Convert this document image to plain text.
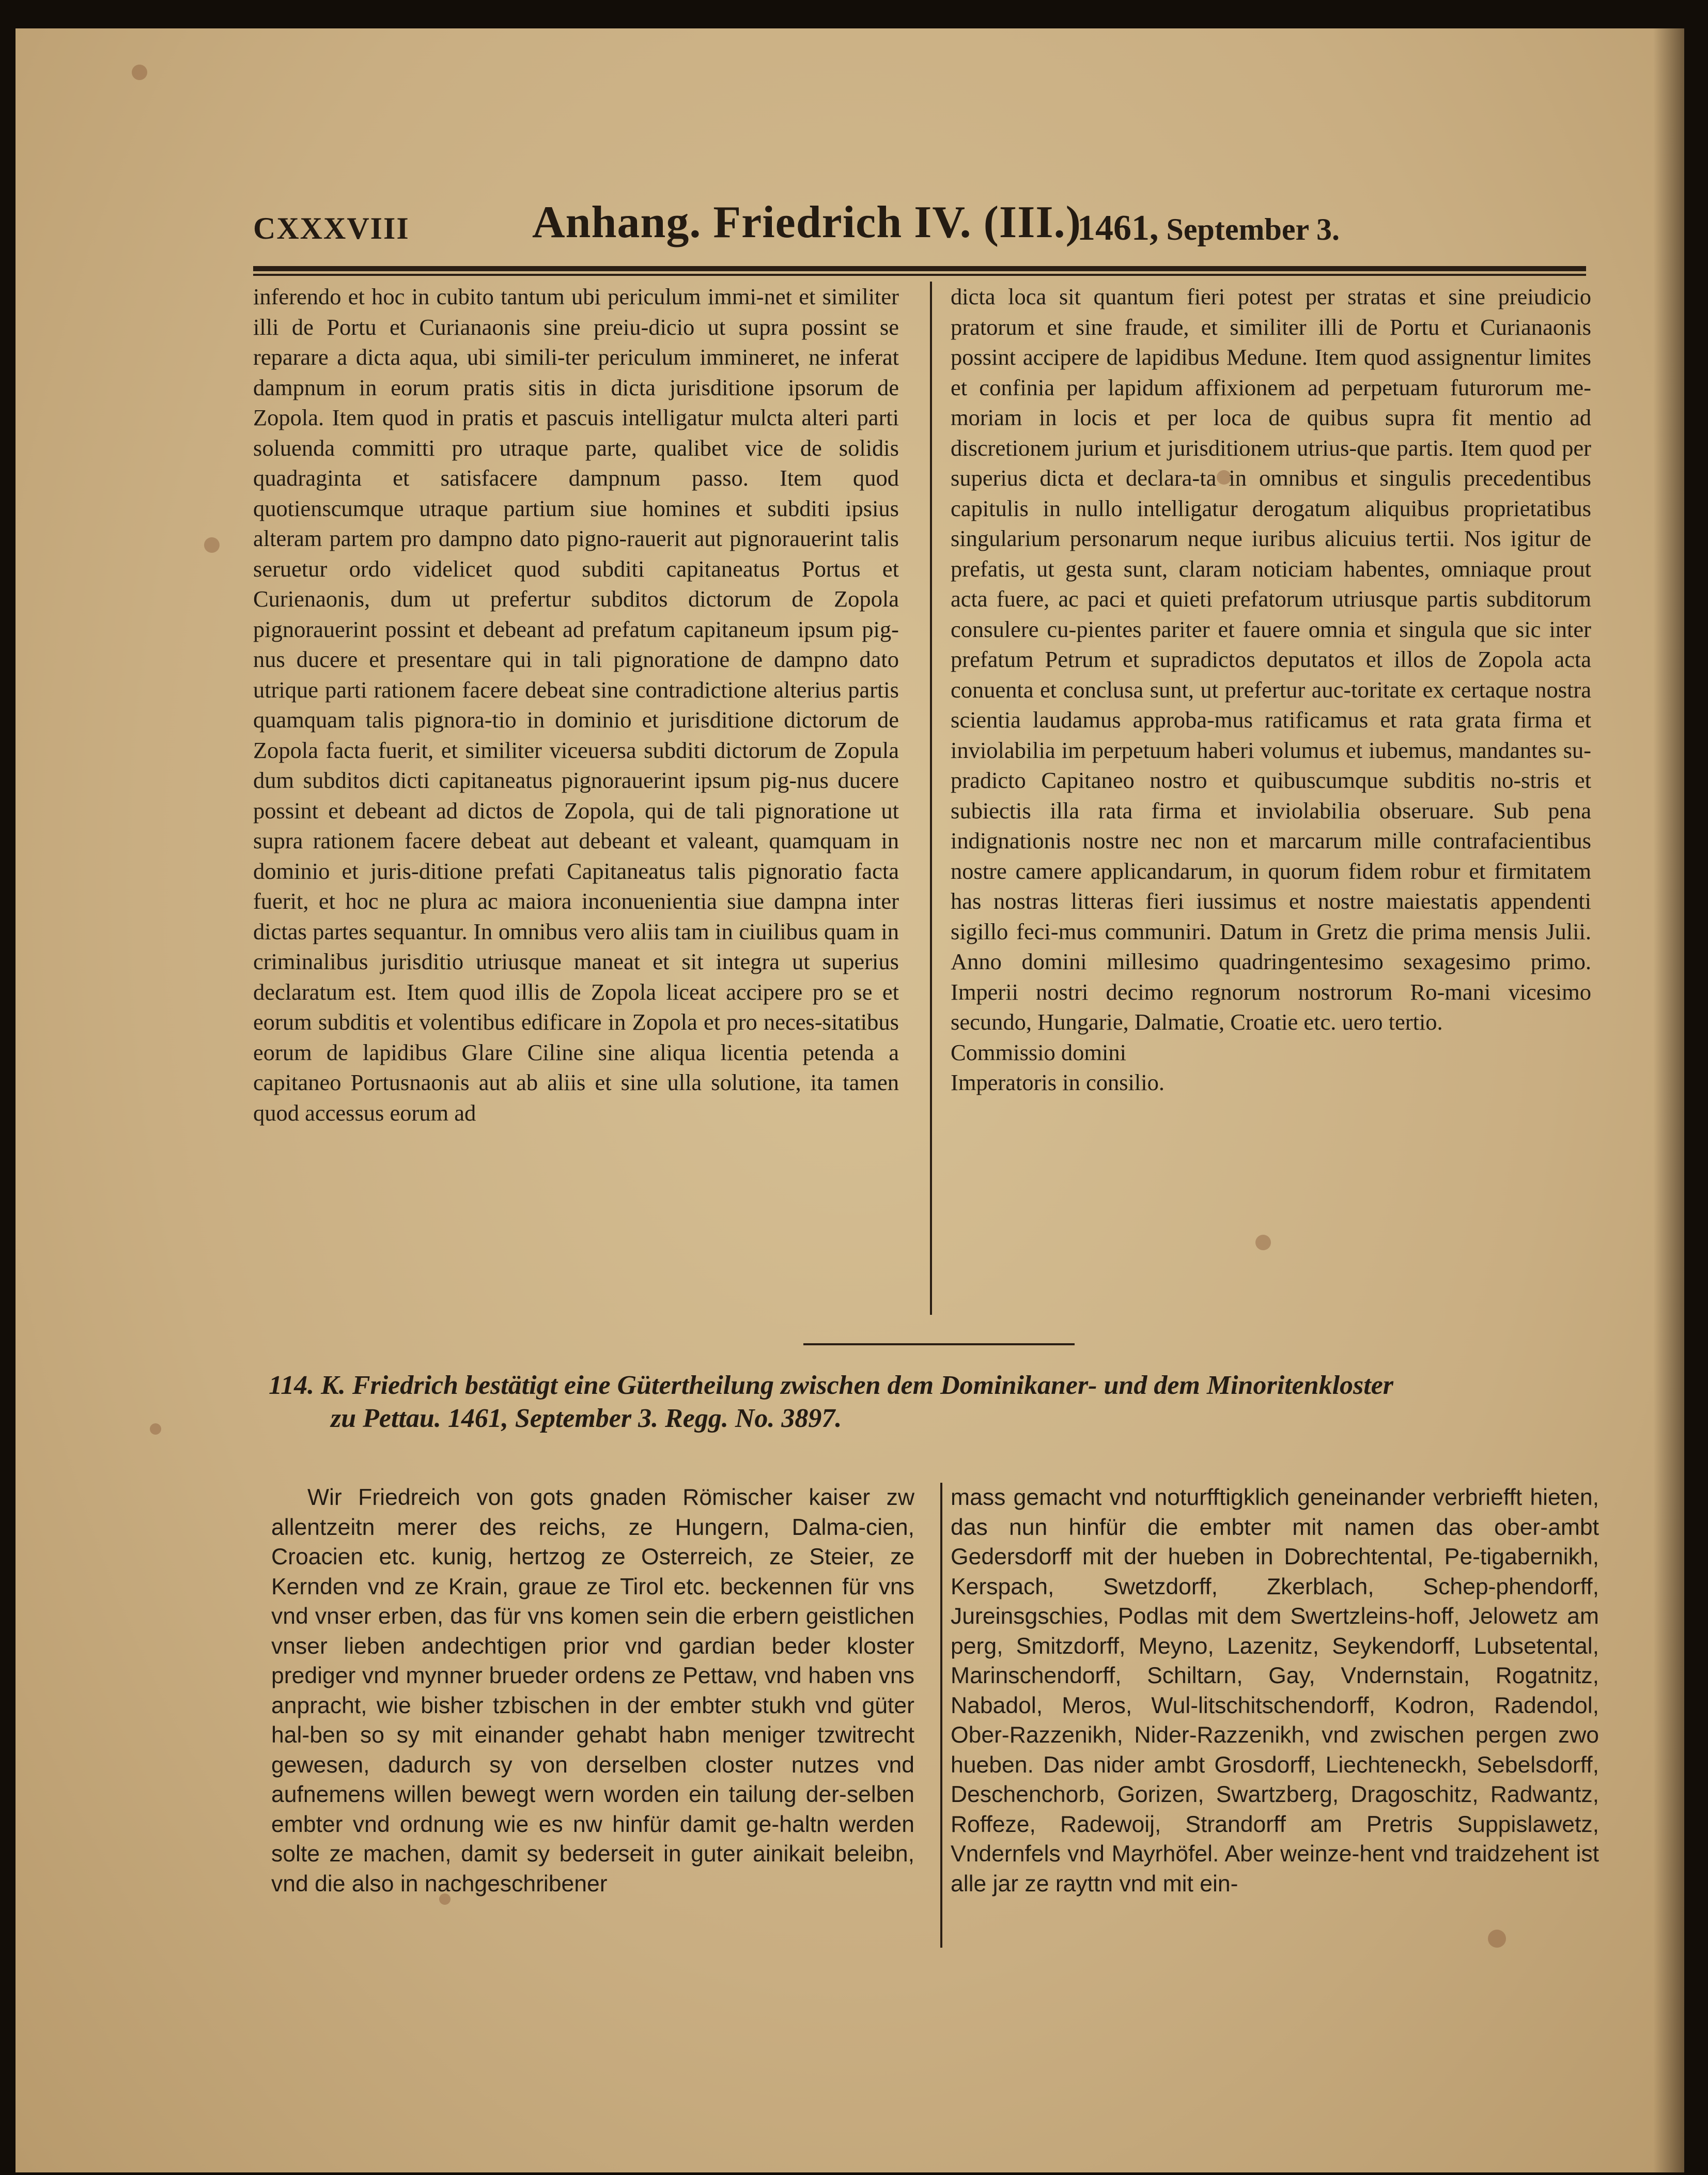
CXXXVIII	Anhang. Friedrich IV. (III.)
1461, September 3.

inferendo et hoc in cubito tantum ubi periculum immi-net et similiter illi de Portu et Curianaonis sine preiu-dicio ut supra possint se reparare a dicta aqua, ubi simili-ter periculum immineret, ne inferat dampnum in eorum pratis sitis in dicta jurisditione ipsorum de Zopola. Item quod in pratis et pascuis intelligatur mulcta alteri parti soluenda committi pro utraque parte, qualibet vice de solidis quadraginta et satisfacere dampnum passo. Item quod quotienscumque utraque partium siue homines et subditi ipsius alteram partem pro dampno dato pigno-rauerit aut pignorauerint talis seruetur ordo videlicet quod subditi capitaneatus Portus et Curienaonis, dum ut prefertur subditos dictorum de Zopola pignorauerint possint et debeant ad prefatum capitaneum ipsum pig-nus ducere et presentare qui in tali pignoratione de dampno dato utrique parti rationem facere debeat sine contradictione alterius partis quamquam talis pignora-tio in dominio et jurisditione dictorum de Zopola facta fuerit, et similiter viceuersa subditi dictorum de Zopula dum subditos dicti capitaneatus pignorauerint ipsum pig-nus ducere possint et debeant ad dictos de Zopola, qui de tali pignoratione ut supra rationem facere debeat aut debeant et valeant, quamquam in dominio et juris-ditione prefati Capitaneatus talis pignoratio facta fuerit, et hoc ne plura ac maiora inconuenientia siue dampna inter dictas partes sequantur. In omnibus vero aliis tam in ciuilibus quam in criminalibus jurisditio utriusque maneat et sit integra ut superius declaratum est. Item quod illis de Zopola liceat accipere pro se et eorum subditis et volentibus edificare in Zopola et pro neces-sitatibus eorum de lapidibus Glare Ciline sine aliqua licentia petenda a capitaneo Portusnaonis aut ab aliis et sine ulla solutione, ita tamen quod accessus eorum ad

dicta loca sit quantum fieri potest per stratas et sine preiudicio pratorum et sine fraude, et similiter illi de Portu et Curianaonis possint accipere de lapidibus Medune. Item quod assignentur limites et confinia per lapidum affixionem ad perpetuam futurorum me-moriam in locis et per loca de quibus supra fit mentio ad discretionem jurium et jurisditionem utrius-que partis. Item quod per superius dicta et declara-ta in omnibus et singulis precedentibus capitulis in nullo intelligatur derogatum aliquibus proprietatibus singularium personarum neque iuribus alicuius tertii. Nos igitur de prefatis, ut gesta sunt, claram noticiam habentes, omniaque prout acta fuere, ac paci et quieti prefatorum utriusque partis subditorum consulere cu-pientes pariter et fauere omnia et singula que sic inter prefatum Petrum et supradictos deputatos et illos de Zopola acta conuenta et conclusa sunt, ut prefertur auc-toritate ex certaque nostra scientia laudamus approba-mus ratificamus et rata grata firma et inviolabilia im perpetuum haberi volumus et iubemus, mandantes su-pradicto Capitaneo nostro et quibuscumque subditis no-stris et subiectis illa rata firma et inviolabilia obseruare. Sub pena indignationis nostre nec non et marcarum mille contrafacientibus nostre camere applicandarum, in quorum fidem robur et firmitatem has nostras litteras fieri iussimus et nostre maiestatis appendenti sigillo feci-mus communiri. Datum in Gretz die prima mensis Julii. Anno domini millesimo quadringentesimo sexagesimo primo. Imperii nostri decimo regnorum nostrorum Ro-mani vicesimo secundo, Hungarie, Dalmatie, Croatie etc. uero tertio.

Commissio domini

Imperatoris in consilio.

114. K. Friedrich bestätigt eine Gütertheilung zwischen dem Dominikaner- und dem Minoritenkloster
zu Pettau. 1461, September 3. Regg. No. 3897.

Wir Friedreich von gots gnaden Römischer kaiser zw allentzeitn merer des reichs, ze Hungern, Dalma-cien, Croacien etc. kunig, hertzog ze Osterreich, ze Steier, ze Kernden vnd ze Krain, graue ze Tirol etc. beckennen für vns vnd vnser erben, das für vns komen sein die erbern geistlichen vnser lieben andechtigen prior vnd gardian beder kloster prediger vnd mynner brueder ordens ze Pettaw, vnd haben vns anpracht, wie bisher tzbischen in der embter stukh vnd güter hal-ben so sy mit einander gehabt habn meniger tzwitrecht gewesen, dadurch sy von derselben closter nutzes vnd aufnemens willen bewegt wern worden ein tailung der-selben embter vnd ordnung wie es nw hinfür damit ge-haltn werden solte ze machen, damit sy bederseit in guter ainikait beleibn, vnd die also in nachgeschribener

mass gemacht vnd noturfftigklich geneinander verbriefft hieten, das nun hinfür die embter mit namen das ober-ambt Gedersdorff mit der hueben in Dobrechtental, Pe-tigabernikh, Kerspach, Swetzdorff, Zkerblach, Schep-phendorff, Jureinsgschies, Podlas mit dem Swertzleins-hoff, Jelowetz am perg, Smitzdorff, Meyno, Lazenitz, Seykendorff, Lubsetental, Marinschendorff, Schiltarn, Gay, Vndernstain, Rogatnitz, Nabadol, Meros, Wul-litschitschendorff, Kodron, Radendol, Ober-Razzenikh, Nider-Razzenikh, vnd zwischen pergen zwo hueben. Das nider ambt Grosdorff, Liechteneckh, Sebelsdorff, Deschenchorb, Gorizen, Swartzberg, Dragoschitz, Radwantz, Roffeze, Radewoij, Strandorff am Pretris Suppislawetz, Vndernfels vnd Mayrhöfel. Aber weinze-hent vnd traidzehent ist alle jar ze rayttn vnd mit ein-
